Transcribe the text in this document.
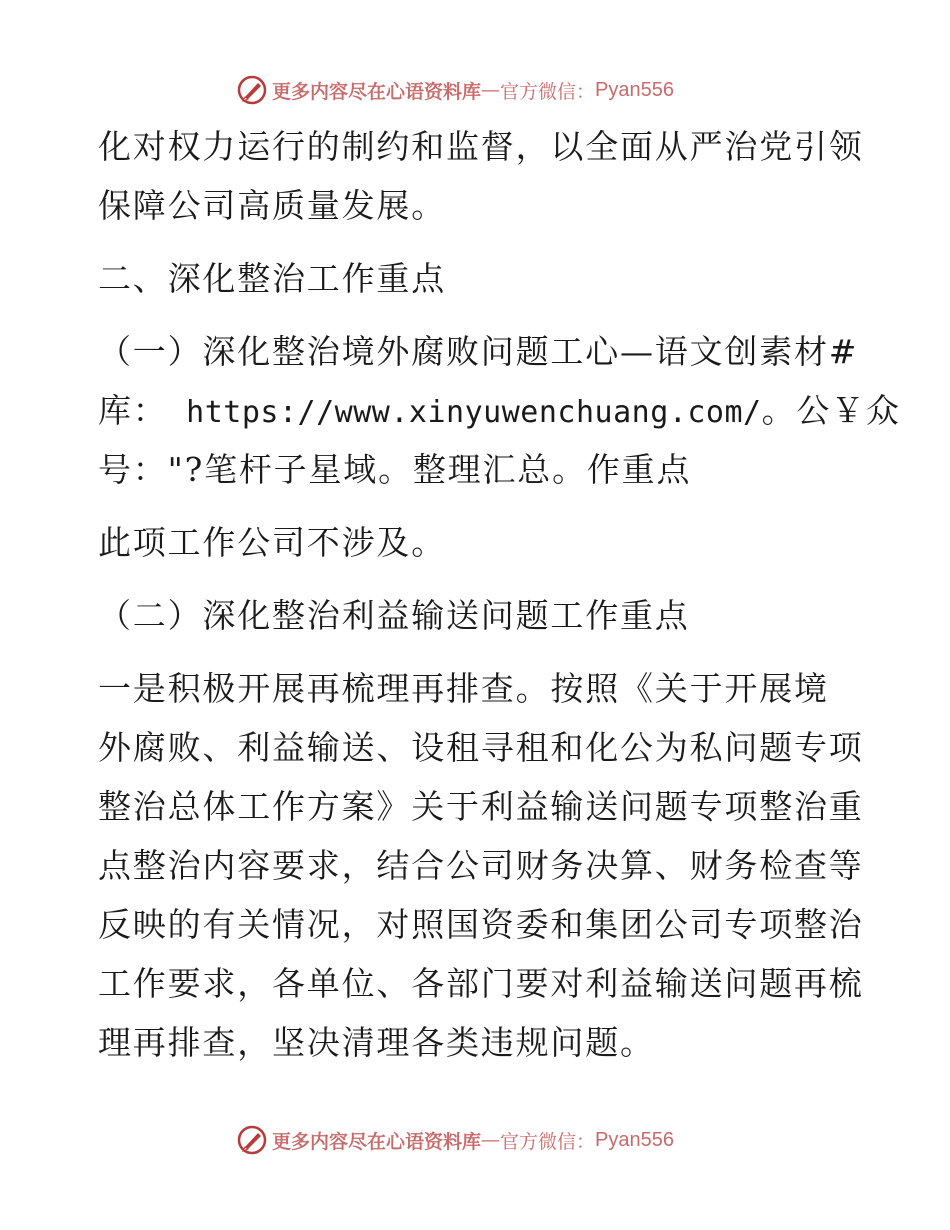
更多内容尽在心语资料库 — 官方微信： Pyan556
化对权力运行的制约和监督，以全面从严治党引领
保障公司高质量发展。
二、深化整治工作重点
（一）深化整治境外腐败问题工心—语文创素材#
库： https://www.xinyuwenchuang.com/。公￥众
号："?笔杆子星域。整理汇总。作重点
此项工作公司不涉及。
（二）深化整治利益输送问题工作重点
一是积极开展再梳理再排查。按照《关于开展境
外腐败、利益输送、设租寻租和化公为私问题专项
整治总体工作方案》关于利益输送问题专项整治重
点整治内容要求，结合公司财务决算、财务检查等
反映的有关情况，对照国资委和集团公司专项整治
工作要求，各单位、各部门要对利益输送问题再梳
理再排查，坚决清理各类违规问题。
更多内容尽在心语资料库 — 官方微信： Pyan556
